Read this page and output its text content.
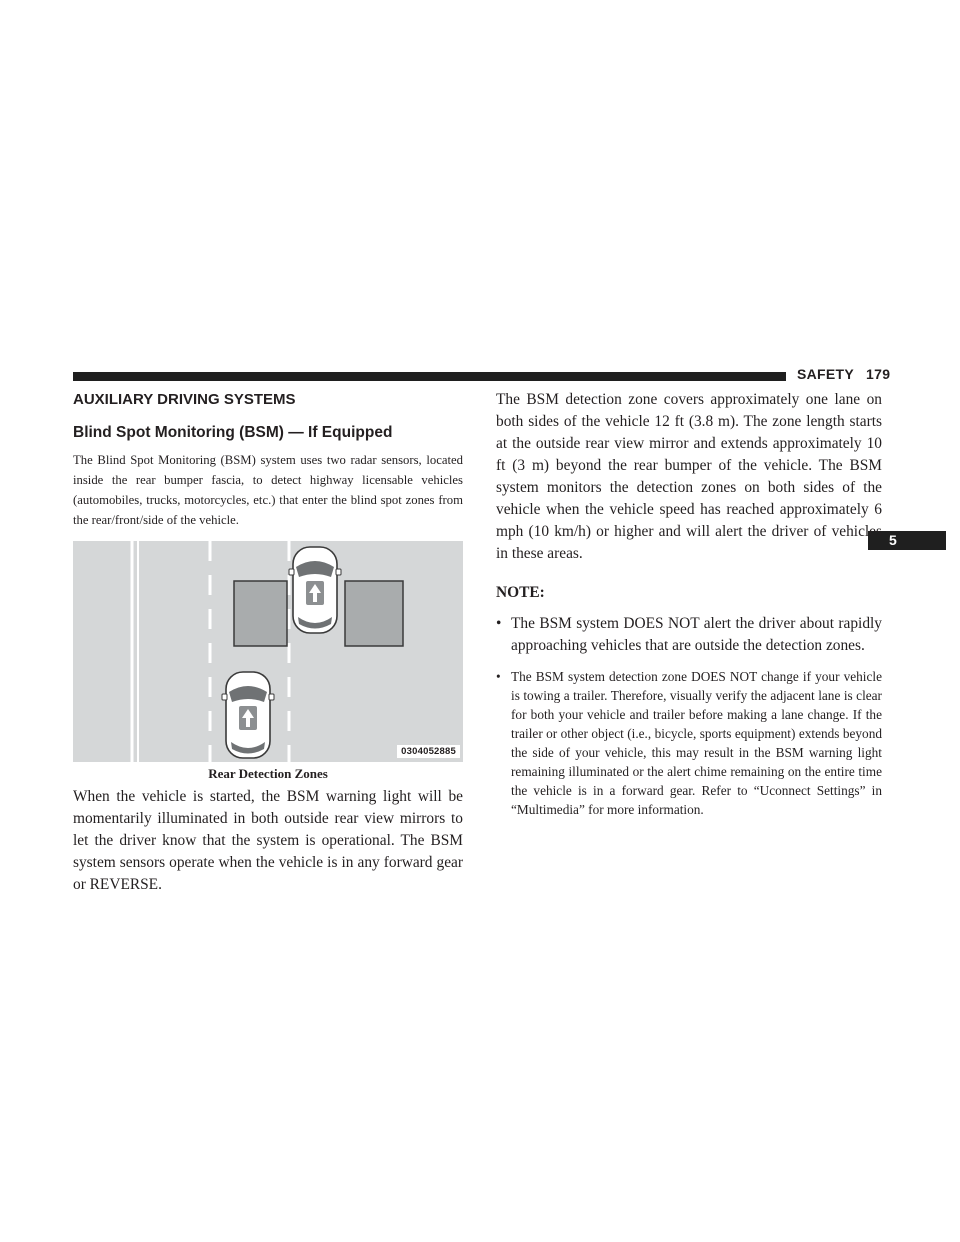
SAFETY 179
5
AUXILIARY DRIVING SYSTEMS
Blind Spot Monitoring (BSM) — If Equipped

The Blind Spot Monitoring (BSM) system uses two radar sensors, located inside the rear bumper fascia, to detect highway licensable vehicles (automobiles, trucks, motorcycles, etc.) that enter the blind spot zones from the rear/front/side of the vehicle.

0304052885
Rear Detection Zones

When the vehicle is started, the BSM warning light will be momentarily illuminated in both outside rear view mirrors to let the driver know that the system is operational. The BSM system sensors operate when the vehicle is in any forward gear or REVERSE.

The BSM detection zone covers approximately one lane on both sides of the vehicle 12 ft (3.8 m). The zone length starts at the outside rear view mirror and extends approximately 10 ft (3 m) beyond the rear bumper of the vehicle. The BSM system monitors the detection zones on both sides of the vehicle when the vehicle speed has reached approximately 6 mph (10 km/h) or higher and will alert the driver of vehicles in these areas.

NOTE:
• The BSM system DOES NOT alert the driver about rapidly approaching vehicles that are outside the detection zones.
• The BSM system detection zone DOES NOT change if your vehicle is towing a trailer. Therefore, visually verify the adjacent lane is clear for both your vehicle and trailer before making a lane change. If the trailer or other object (i.e., bicycle, sports equipment) extends beyond the side of your vehicle, this may result in the BSM warning light remaining illuminated or the alert chime remaining on the entire time the vehicle is in a forward gear. Refer to “Uconnect Settings” in “Multimedia” for more information.
